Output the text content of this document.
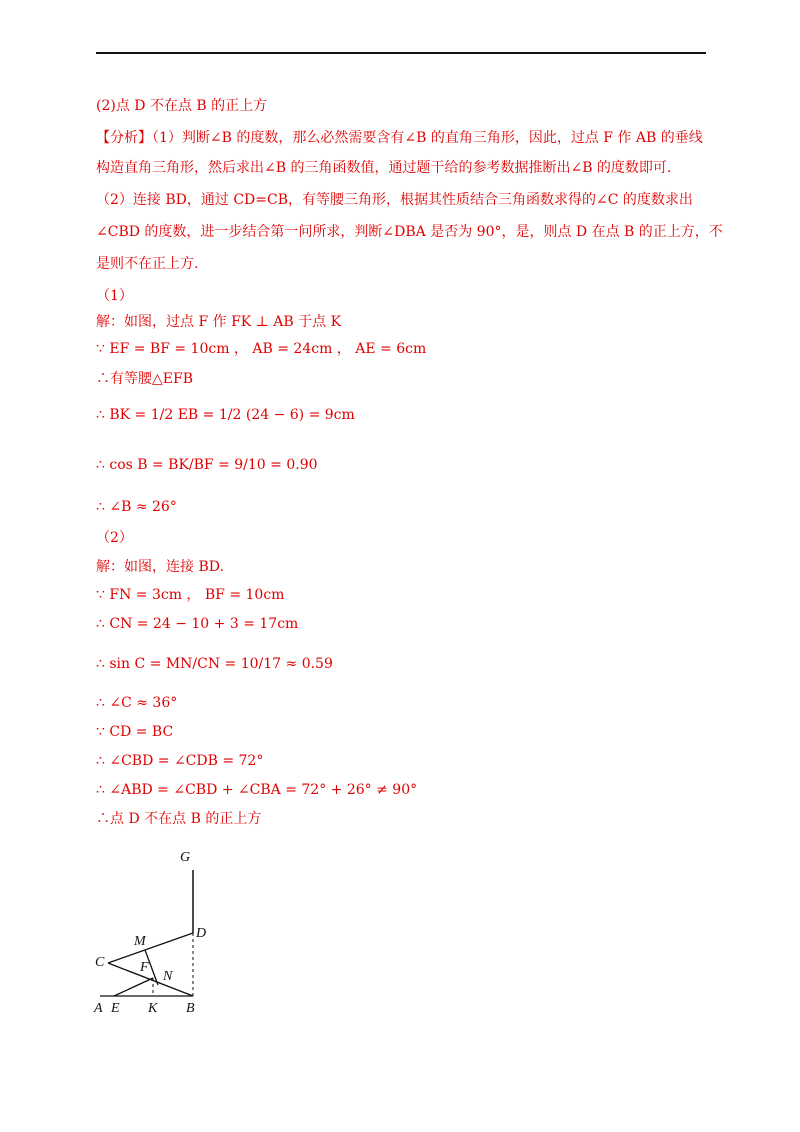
(2)点 D 不在点 B 的正上方
【分析】（1）判断∠B 的度数，那么必然需要含有∠B 的直角三角形，因此，过点 F 作 AB 的垂线
构造直角三角形，然后求出∠B 的三角函数值，通过题干给的参考数据推断出∠B 的度数即可.
（2）连接 BD，通过 CD=CB，有等腰三角形，根据其性质结合三角函数求得的∠C 的度数求出
∠CBD 的度数，进一步结合第一问所求，判断∠DBA 是否为 90°，是，则点 D 在点 B 的正上方，不
是则不在正上方.
（1）
解：如图，过点 F 作 FK ⊥ AB 于点 K
∵ EF = BF = 10cm ， AB = 24cm ， AE = 6cm
∴有等腰△EFB
∴ BK = 1/2 EB = 1/2 (24 − 6) = 9cm
∴ cos B = BK/BF = 9/10 = 0.90
∴ ∠B ≈ 26°
（2）
解：如图，连接 BD.
∵ FN = 3cm ， BF = 10cm
∴ CN = 24 − 10 + 3 = 17cm
∴ sin C = MN/CN = 10/17 ≈ 0.59
∴ ∠C ≈ 36°
∵ CD = BC
∴ ∠CBD = ∠CDB = 72°
∴ ∠ABD = ∠CBD + ∠CBA = 72° + 26° ≠ 90°
∴点 D 不在点 B 的正上方
G
D
M
C	F
N
A E K B
